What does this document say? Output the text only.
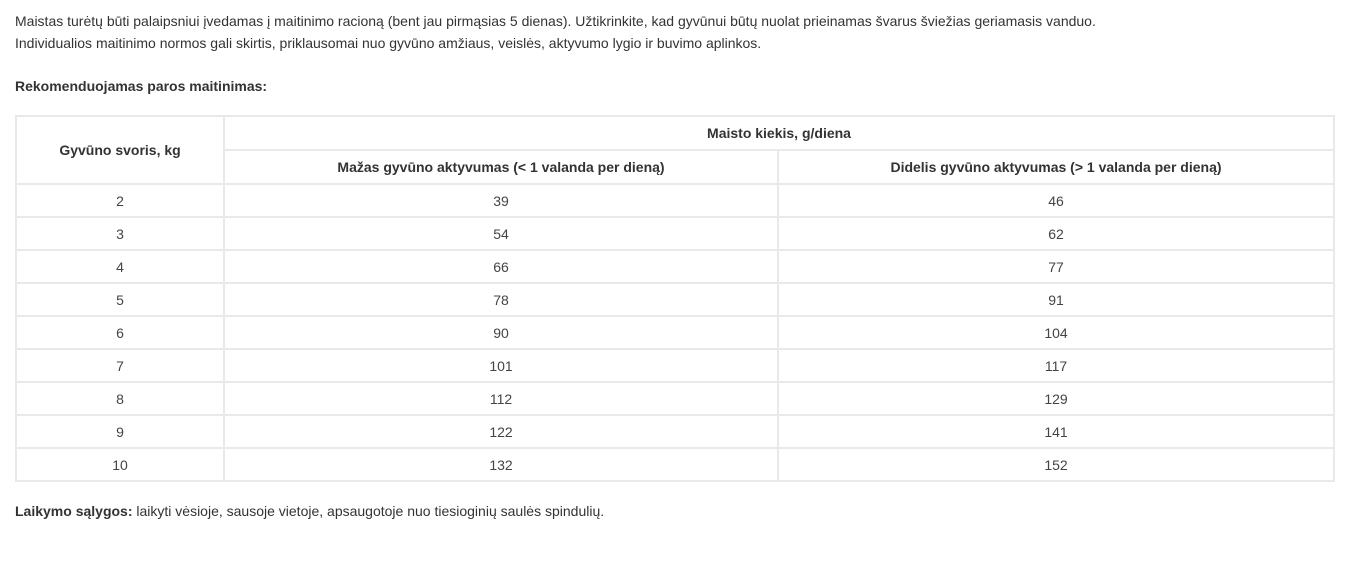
Maistas turėtų būti palaipsniui įvedamas į maitinimo racioną (bent jau pirmąsias 5 dienas). Užtikrinkite, kad gyvūnui būtų nuolat prieinamas švarus šviežias geriamasis vanduo.

Individualios maitinimo normos gali skirtis, priklausomai nuo gyvūno amžiaus, veislės, aktyvumo lygio ir buvimo aplinkos.

Rekomenduojamas paros maitinimas:

Gyvūno svoris, kg	Maisto kiekis, g/diena	
	Mažas gyvūno aktyvumas (< 1 valanda per dieną)	Didelis gyvūno aktyvumas (> 1 valanda per dieną)
2	39	46
3	54	62
4	66	77
5	78	91
6	90	104
7	101	117
8	112	129
9	122	141
10	132	152

Laikymo sąlygos: laikyti vėsioje, sausoje vietoje, apsaugotoje nuo tiesioginių saulės spindulių.
